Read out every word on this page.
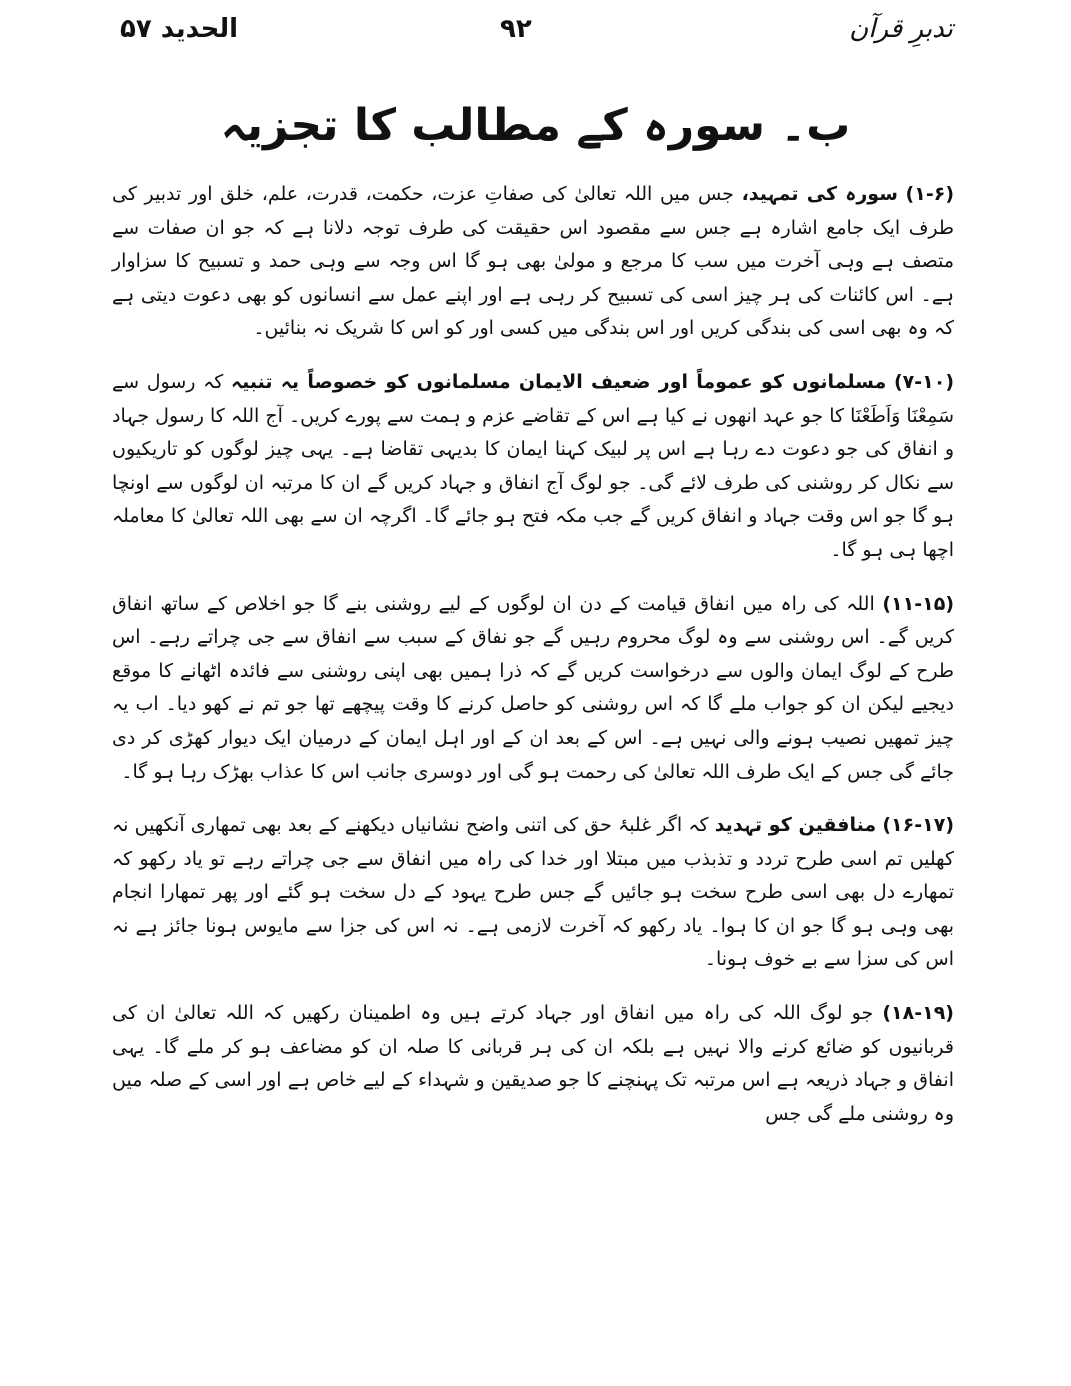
تدبرِ قرآن
۹۲
الحدید ۵۷
ب۔ سورہ کے مطالب کا تجزیہ

(۱-۶) سورہ کی تمہید، جس میں اللہ تعالیٰ کی صفاتِ عزت، حکمت، قدرت، علم، خلق اور تدبیر کی طرف ایک جامع اشارہ ہے جس سے مقصود اس حقیقت کی طرف توجہ دلانا ہے کہ جو ان صفات سے متصف ہے وہی آخرت میں سب کا مرجع و مولیٰ بھی ہو گا اس وجہ سے وہی حمد و تسبیح کا سزاوار ہے۔ اس کائنات کی ہر چیز اسی کی تسبیح کر رہی ہے اور اپنے عمل سے انسانوں کو بھی دعوت دیتی ہے کہ وہ بھی اسی کی بندگی کریں اور اس بندگی میں کسی اور کو اس کا شریک نہ بنائیں۔

(۷-۱۰) مسلمانوں کو عموماً اور ضعیف الایمان مسلمانوں کو خصوصاً یہ تنبیہ کہ رسول سے سَمِعْنَا وَاَطَعْنَا کا جو عہد انھوں نے کیا ہے اس کے تقاضے عزم و ہمت سے پورے کریں۔ آج اللہ کا رسول جہاد و انفاق کی جو دعوت دے رہا ہے اس پر لبیک کہنا ایمان کا بدیہی تقاضا ہے۔ یہی چیز لوگوں کو تاریکیوں سے نکال کر روشنی کی طرف لائے گی۔ جو لوگ آج انفاق و جہاد کریں گے ان کا مرتبہ ان لوگوں سے اونچا ہو گا جو اس وقت جہاد و انفاق کریں گے جب مکہ فتح ہو جائے گا۔ اگرچہ ان سے بھی اللہ تعالیٰ کا معاملہ اچھا ہی ہو گا۔

(۱۱-۱۵) اللہ کی راہ میں انفاق قیامت کے دن ان لوگوں کے لیے روشنی بنے گا جو اخلاص کے ساتھ انفاق کریں گے۔ اس روشنی سے وہ لوگ محروم رہیں گے جو نفاق کے سبب سے انفاق سے جی چراتے رہے۔ اس طرح کے لوگ ایمان والوں سے درخواست کریں گے کہ ذرا ہمیں بھی اپنی روشنی سے فائدہ اٹھانے کا موقع دیجیے لیکن ان کو جواب ملے گا کہ اس روشنی کو حاصل کرنے کا وقت پیچھے تھا جو تم نے کھو دیا۔ اب یہ چیز تمھیں نصیب ہونے والی نہیں ہے۔ اس کے بعد ان کے اور اہل ایمان کے درمیان ایک دیوار کھڑی کر دی جائے گی جس کے ایک طرف اللہ تعالیٰ کی رحمت ہو گی اور دوسری جانب اس کا عذاب بھڑک رہا ہو گا۔

(۱۶-۱۷) منافقین کو تہدید کہ اگر غلبۂ حق کی اتنی واضح نشانیاں دیکھنے کے بعد بھی تمھاری آنکھیں نہ کھلیں تم اسی طرح تردد و تذبذب میں مبتلا اور خدا کی راہ میں انفاق سے جی چراتے رہے تو یاد رکھو کہ تمھارے دل بھی اسی طرح سخت ہو جائیں گے جس طرح یہود کے دل سخت ہو گئے اور پھر تمھارا انجام بھی وہی ہو گا جو ان کا ہوا۔ یاد رکھو کہ آخرت لازمی ہے۔ نہ اس کی جزا سے مایوس ہونا جائز ہے نہ اس کی سزا سے بے خوف ہونا۔

(۱۸-۱۹) جو لوگ اللہ کی راہ میں انفاق اور جہاد کرتے ہیں وہ اطمینان رکھیں کہ اللہ تعالیٰ ان کی قربانیوں کو ضائع کرنے والا نہیں ہے بلکہ ان کی ہر قربانی کا صلہ ان کو مضاعف ہو کر ملے گا۔ یہی انفاق و جہاد ذریعہ ہے اس مرتبہ تک پہنچنے کا جو صدیقین و شہداء کے لیے خاص ہے اور اسی کے صلہ میں وہ روشنی ملے گی جس
